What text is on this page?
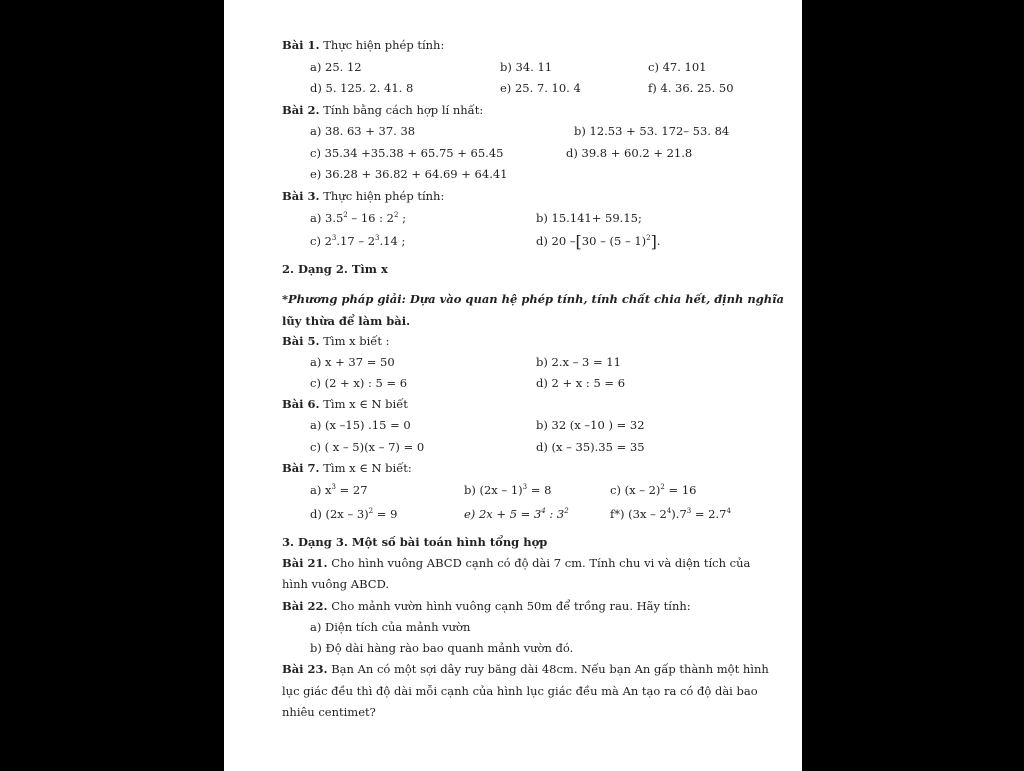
Bài 1. Thực hiện phép tính:
a) 25. 12	b) 34. 11	c) 47. 101
d) 5. 125. 2. 41. 8	e) 25. 7. 10. 4	f) 4. 36. 25. 50
Bài 2. Tính bằng cách hợp lí nhất:
a) 38. 63 + 37. 38	b) 12.53 + 53. 172– 53. 84
c) 35.34 +35.38 + 65.75 + 65.45	d) 39.8 + 60.2 + 21.8
e) 36.28 + 36.82 + 64.69 + 64.41
Bài 3. Thực hiện phép tính:
a) $3.5^2 - 16$ : $2^2$ ;	b) 15.141+ 59.15;
c) $2^3.17 - 2^3.14$ ;	d) 20 –[30 – (5 – 1)$^2$].
2. Dạng 2. Tìm x
*Phương pháp giải: Dựa vào quan hệ phép tính, tính chất chia hết, định nghĩa
lũy thừa để làm bài.
Bài 5. Tìm x biết :
a) x + 37 = 50	b) 2.x – 3 = 11
c) (2 + x) : 5 = 6	d) 2 + x : 5 = 6
Bài 6. Tìm x ∈ N biết
a) (x –15) .15 = 0	b) 32 (x –10 ) = 32
c) ( x – 5)(x – 7) = 0	d) (x – 35).35 = 35
Bài 7. Tìm x ∈ N biết:
a) $x^3 = 27$	b) (2x – 1)$^3$ = 8	c) (x – 2)$^2$ = 16
d) (2x – 3)$^2$ = 9	e) $2x + 5 = 3^4$ : $3^2$	f*) $(3x - 2^4).7^3 = 2.7^4$
3. Dạng 3. Một số bài toán hình tổng hợp
Bài 21. Cho hình vuông ABCD cạnh có độ dài 7 cm. Tính chu vi và diện tích của
hình vuông ABCD.
Bài 22. Cho mảnh vườn hình vuông cạnh 50m để trồng rau. Hãy tính:
a) Diện tích của mảnh vườn
b) Độ dài hàng rào bao quanh mảnh vườn đó.
Bài 23. Bạn An có một sợi dây ruy băng dài 48cm. Nếu bạn An gấp thành một hình
lục giác đều thì độ dài mỗi cạnh của hình lục giác đều mà An tạo ra có độ dài bao
nhiêu centimet?
